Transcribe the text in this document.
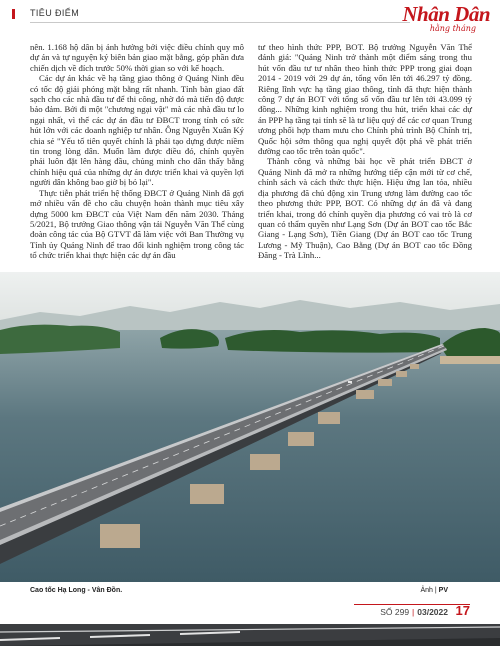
TIÊU ĐIỂM	Nhân Dân
hằng tháng

nên. 1.168 hộ dân bị ảnh hưởng bởi việc điều chỉnh quy mô dự án và tự nguyện ký biên bản giao mặt bằng, góp phần đưa chiến dịch về đích trước 50% thời gian so với kế hoạch.

Các dự án khác về hạ tầng giao thông ở Quảng Ninh đều có tốc độ giải phóng mặt bằng rất nhanh. Tỉnh bàn giao đất sạch cho các nhà đầu tư để thi công, nhờ đó mà tiến độ được bảo đảm. Bởi đi một "chương ngại vật" mà các nhà đầu tư lo ngại nhất, vì thế các dự án đầu tư ĐBCT trong tỉnh có sức hút lớn với các doanh nghiệp tư nhân. Ông Nguyễn Xuân Ký chia sẻ "Yếu tố tiên quyết chính là phải tạo dựng được niềm tin trong lòng dân. Muốn làm được điều đó, chính quyền phải luôn đặt lên hàng đầu, chủng minh cho dân thấy bằng chính hiệu quả của những dự án được triển khai và quyền lợi người dân không bao giờ bị bỏ lại".

Thực tiễn phát triển hệ thống ĐBCT ở Quảng Ninh đã gợi mở nhiều vấn đề cho câu chuyện hoàn thành mục tiêu xây dựng 5000 km ĐBCT của Việt Nam đến năm 2030. Tháng 5/2021, Bộ trưởng Giao thông vận tải Nguyễn Văn Thể cùng đoàn công tác của Bộ GTVT đã làm việc với Ban Thường vụ Tỉnh ủy Quảng Ninh để trao đổi kinh nghiệm trong công tác tổ chức triển khai thực hiện các dự án đầu

tư theo hình thức PPP, BOT. Bộ trưởng Nguyễn Văn Thể đánh giá: "Quảng Ninh trở thành một điểm sáng trong thu hút vốn đầu tư tư nhân theo hình thức PPP trong giai đoạn 2014 - 2019 với 29 dự án, tổng vốn lên tới 46.297 tỷ đồng. Riêng lĩnh vực hạ tầng giao thông, tỉnh đã thực hiện thành công 7 dự án BOT với tổng số vốn đầu tư lên tới 43.099 tỷ đồng... Những kinh nghiệm trong thu hút, triển khai các dự án PPP hạ tầng tại tỉnh sẽ là tư liệu quý để các cơ quan Trung ương phối hợp tham mưu cho Chính phủ trình Bộ Chính trị, Quốc hội sớm thông qua nghị quyết đột phá về phát triển đường cao tốc trên toàn quốc".

Thành công và những bài học về phát triển ĐBCT ở Quảng Ninh đã mở ra những hướng tiếp cận mới từ cơ chế, chính sách và cách thức thực hiện. Hiệu ứng lan tỏa, nhiều địa phương đã chủ động xin Trung ương làm đường cao tốc theo phương thức PPP, BOT. Có những dự án đã và đang triển khai, trong đó chính quyền địa phương có vai trò là cơ quan có thẩm quyền như Lạng Sơn (Dự án BOT cao tốc Bắc Giang - Lạng Sơn), Tiền Giang (Dự án BOT cao tốc Trung Lương - Mỹ Thuận), Cao Bằng (Dự án BOT cao tốc Đồng Đăng - Trà Lĩnh...

Cao tốc Hạ Long - Vân Đồn.	Ảnh | PV
SỐ 299 | 03/2022 17
